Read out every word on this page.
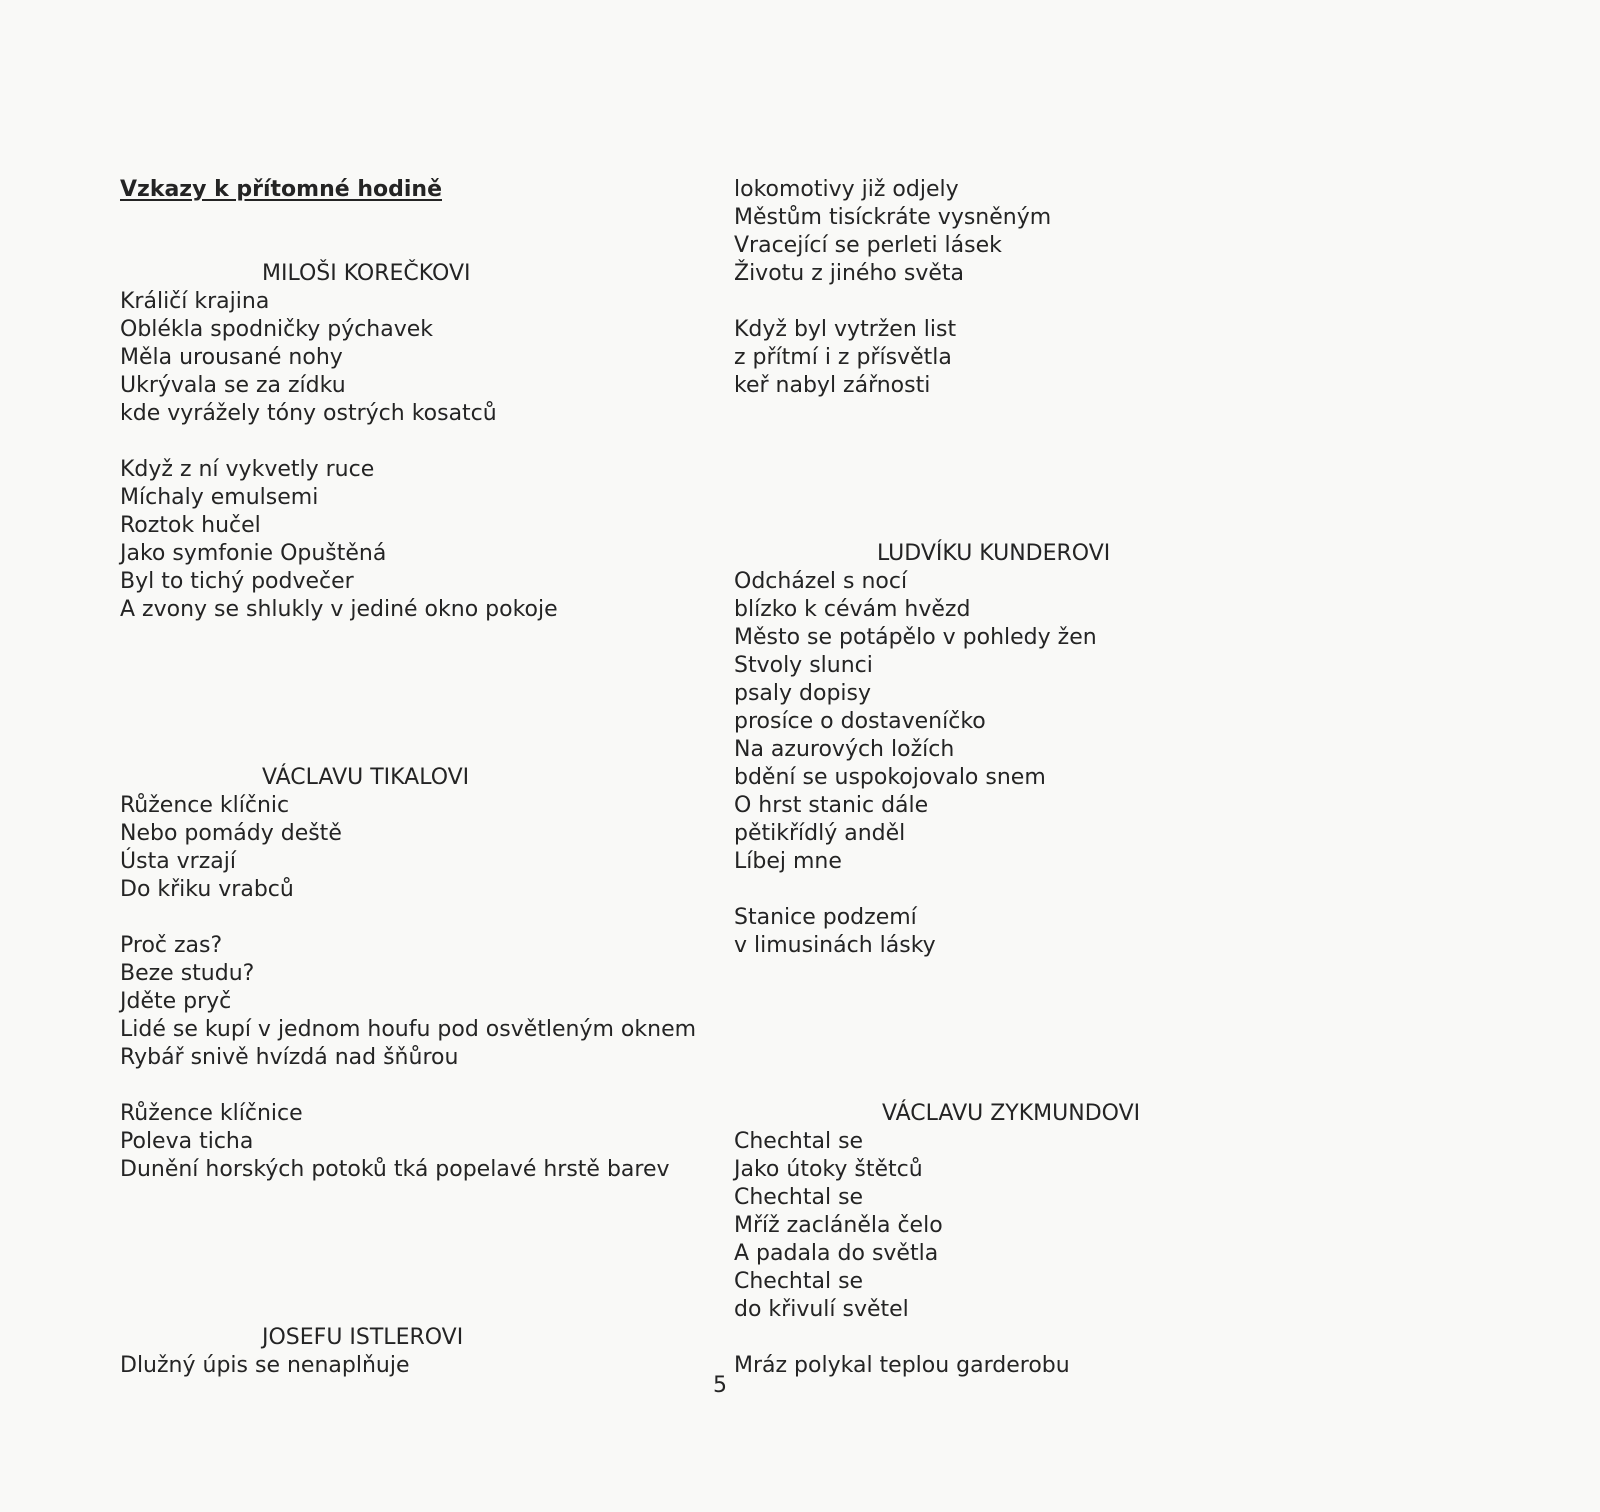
Vzkazy k přítomné hodině
MILOŠI KOREČKOVI
Králičí krajina
Oblékla spodničky pýchavek
Měla urousané nohy
Ukrývala se za zídku
kde vyrážely tóny ostrých kosatců
Když z ní vykvetly ruce
Míchaly emulsemi
Roztok hučel
Jako symfonie Opuštěná
Byl to tichý podvečer
A zvony se shlukly v jediné okno pokoje
VÁCLAVU TIKALOVI
Růžence klíčnic
Nebo pomády deště
Ústa vrzají
Do křiku vrabců
Proč zas?
Beze studu?
Jděte pryč
Lidé se kupí v jednom houfu pod osvětleným oknem
Rybář snivě hvízdá nad šňůrou
Růžence klíčnice
Poleva ticha
Dunění horských potoků tká popelavé hrstě barev
JOSEFU ISTLEROVI
Dlužný úpis se nenaplňuje
lokomotivy již odjely
Městům tisíckráte vysněným
Vracející se perleti lásek
Životu z jiného světa
Když byl vytržen list
z přítmí i z přísvětla
keř nabyl zářnosti
LUDVÍKU KUNDEROVI
Odcházel s nocí
blízko k cévám hvězd
Město se potápělo v pohledy žen
Stvoly slunci
psaly dopisy
prosíce o dostaveníčko
Na azurových ložích
bdění se uspokojovalo snem
O hrst stanic dále
pětikřídlý anděl
Líbej mne
Stanice podzemí
v limusinách lásky
VÁCLAVU ZYKMUNDOVI
Chechtal se
Jako útoky štětců
Chechtal se
Mříž zacláněla čelo
A padala do světla
Chechtal se
do křivulí světel
Mráz polykal teplou garderobu
5
